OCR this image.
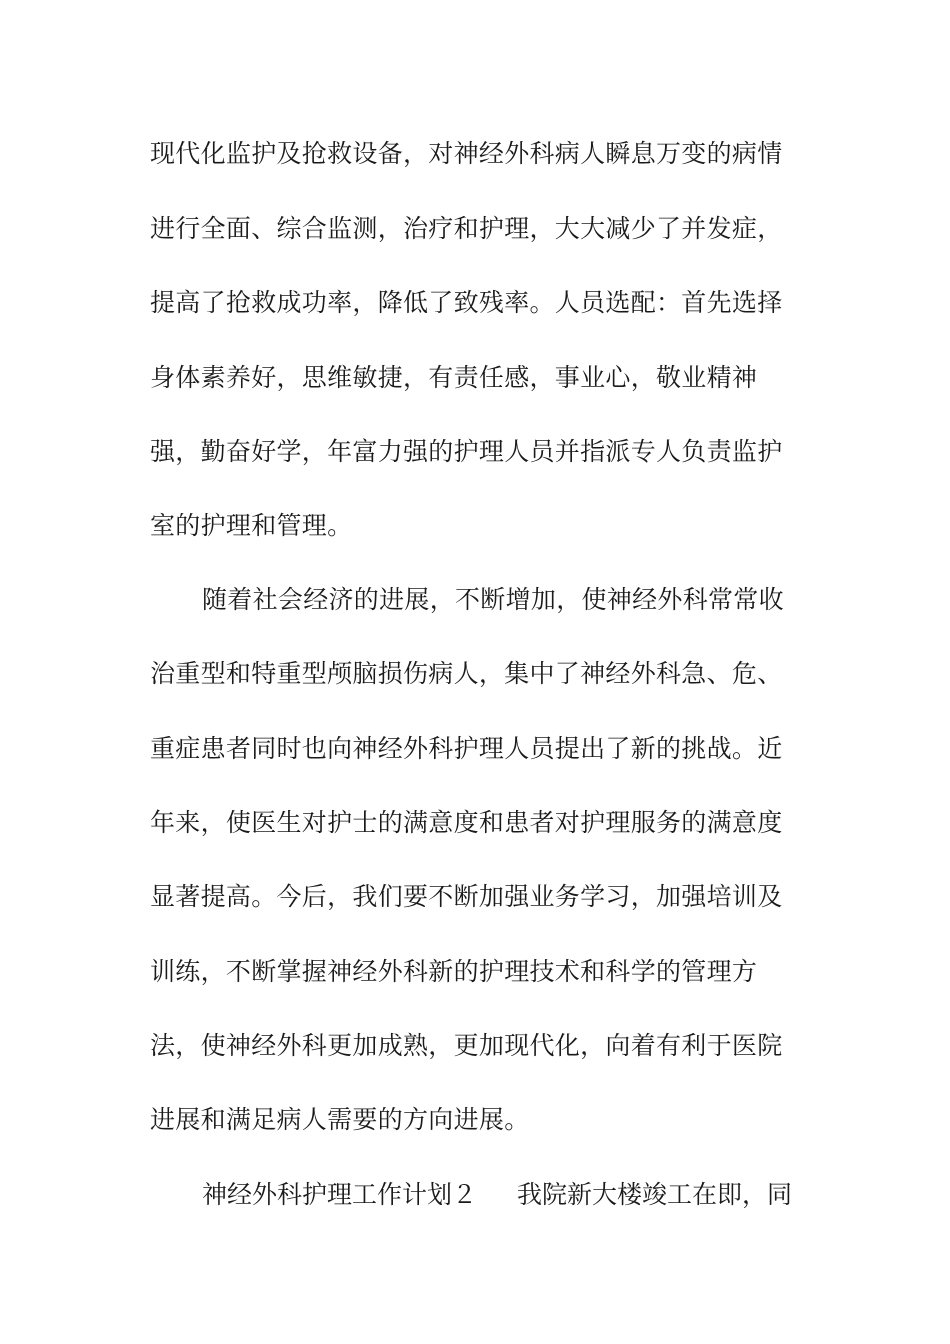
现代化监护及抢救设备，对神经外科病人瞬息万变的病情
进行全面、综合监测，治疗和护理，大大减少了并发症，
提高了抢救成功率，降低了致残率。人员选配：首先选择
身体素养好，思维敏捷，有责任感，事业心，敬业精神
强，勤奋好学，年富力强的护理人员并指派专人负责监护
室的护理和管理。
随着社会经济的进展，不断增加，使神经外科常常收
治重型和特重型颅脑损伤病人，集中了神经外科急、危、
重症患者同时也向神经外科护理人员提出了新的挑战。近
年来，使医生对护士的满意度和患者对护理服务的满意度
显著提高。今后，我们要不断加强业务学习，加强培训及
训练，不断掌握神经外科新的护理技术和科学的管理方
法，使神经外科更加成熟，更加现代化，向着有利于医院
进展和满足病人需要的方向进展。
神经外科护理工作计划２ 我院新大楼竣工在即，同
